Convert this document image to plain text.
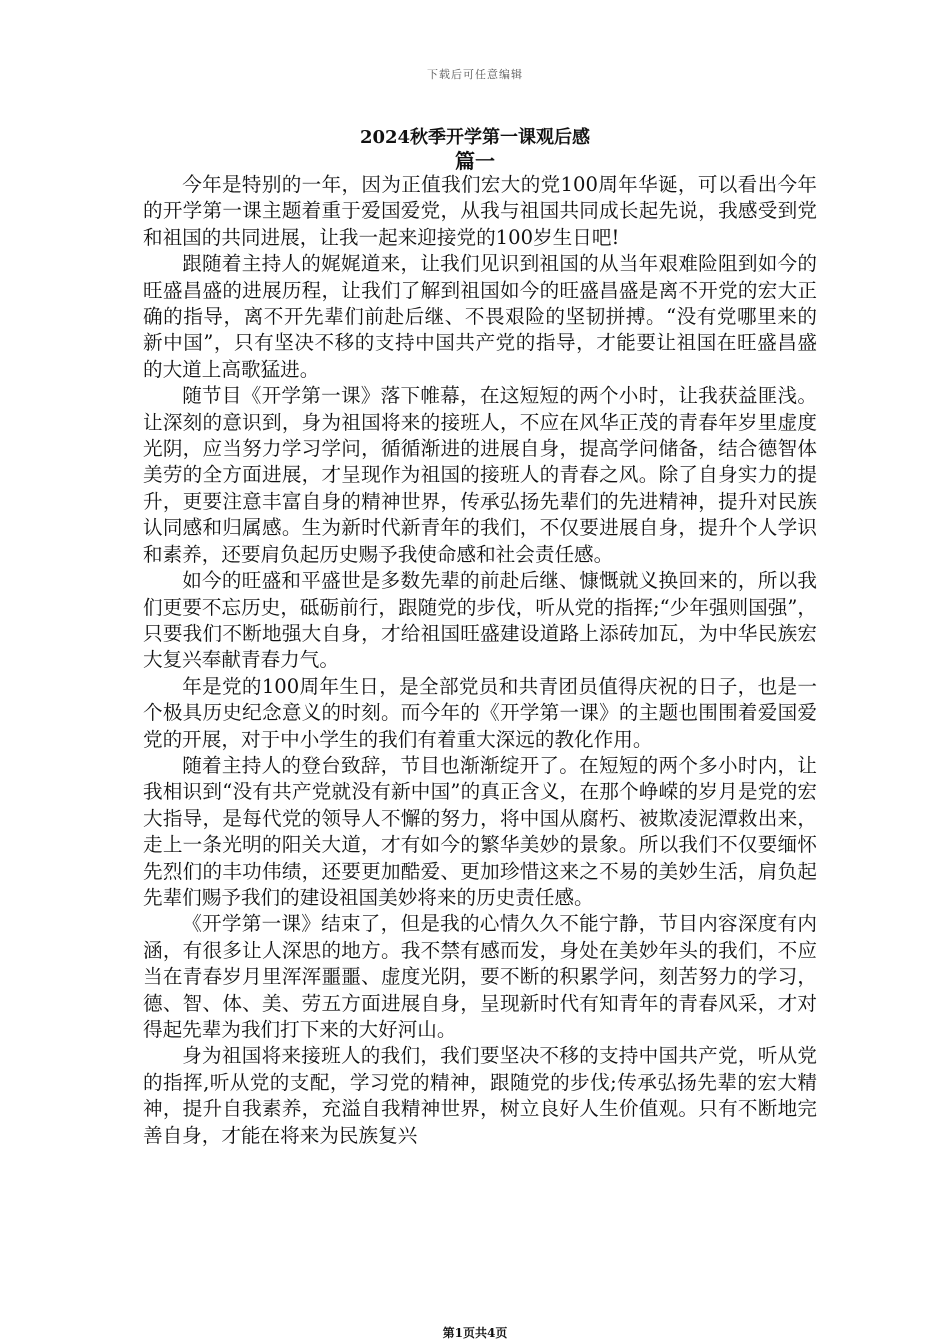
下载后可任意编辑
2024秋季开学第一课观后感
篇一

今年是特别的一年，因为正值我们宏大的党100周年华诞，可以看出今年的开学第一课主题着重于爱国爱党，从我与祖国共同成长起先说，我感受到党和祖国的共同进展，让我一起来迎接党的100岁生日吧!

跟随着主持人的娓娓道来，让我们见识到祖国的从当年艰难险阻到如今的旺盛昌盛的进展历程，让我们了解到祖国如今的旺盛昌盛是离不开党的宏大正确的指导，离不开先辈们前赴后继、不畏艰险的坚韧拼搏。“没有党哪里来的新中国”，只有坚决不移的支持中国共产党的指导，才能要让祖国在旺盛昌盛的大道上高歌猛进。

随节目《开学第一课》落下帷幕，在这短短的两个小时，让我获益匪浅。让深刻的意识到，身为祖国将来的接班人，不应在风华正茂的青春年岁里虚度光阴，应当努力学习学问，循循渐进的进展自身，提高学问储备，结合德智体美劳的全方面进展，才呈现作为祖国的接班人的青春之风。除了自身实力的提升，更要注意丰富自身的精神世界，传承弘扬先辈们的先进精神，提升对民族认同感和归属感。生为新时代新青年的我们，不仅要进展自身，提升个人学识和素养，还要肩负起历史赐予我使命感和社会责任感。

如今的旺盛和平盛世是多数先辈的前赴后继、慷慨就义换回来的，所以我们更要不忘历史，砥砺前行，跟随党的步伐，听从党的指挥;“少年强则国强”，只要我们不断地强大自身，才给祖国旺盛建设道路上添砖加瓦，为中华民族宏大复兴奉献青春力气。

年是党的100周年生日，是全部党员和共青团员值得庆祝的日子，也是一个极具历史纪念意义的时刻。而今年的《开学第一课》的主题也围围着爱国爱党的开展，对于中小学生的我们有着重大深远的教化作用。

随着主持人的登台致辞，节目也渐渐绽开了。在短短的两个多小时内，让我相识到“没有共产党就没有新中国”的真正含义，在那个峥嵘的岁月是党的宏大指导，是每代党的领导人不懈的努力，将中国从腐朽、被欺凌泥潭救出来，走上一条光明的阳关大道，才有如今的繁华美妙的景象。所以我们不仅要缅怀先烈们的丰功伟绩，还要更加酷爱、更加珍惜这来之不易的美妙生活，肩负起先辈们赐予我们的建设祖国美妙将来的历史责任感。

《开学第一课》结束了，但是我的心情久久不能宁静，节目内容深度有内涵，有很多让人深思的地方。我不禁有感而发，身处在美妙年头的我们，不应当在青春岁月里浑浑噩噩、虚度光阴，要不断的积累学问，刻苦努力的学习，德、智、体、美、劳五方面进展自身，呈现新时代有知青年的青春风采，才对得起先辈为我们打下来的大好河山。

身为祖国将来接班人的我们，我们要坚决不移的支持中国共产党，听从党的指挥,听从党的支配，学习党的精神，跟随党的步伐;传承弘扬先辈的宏大精神，提升自我素养，充溢自我精神世界，树立良好人生价值观。只有不断地完善自身，才能在将来为民族复兴

第1页共4页
